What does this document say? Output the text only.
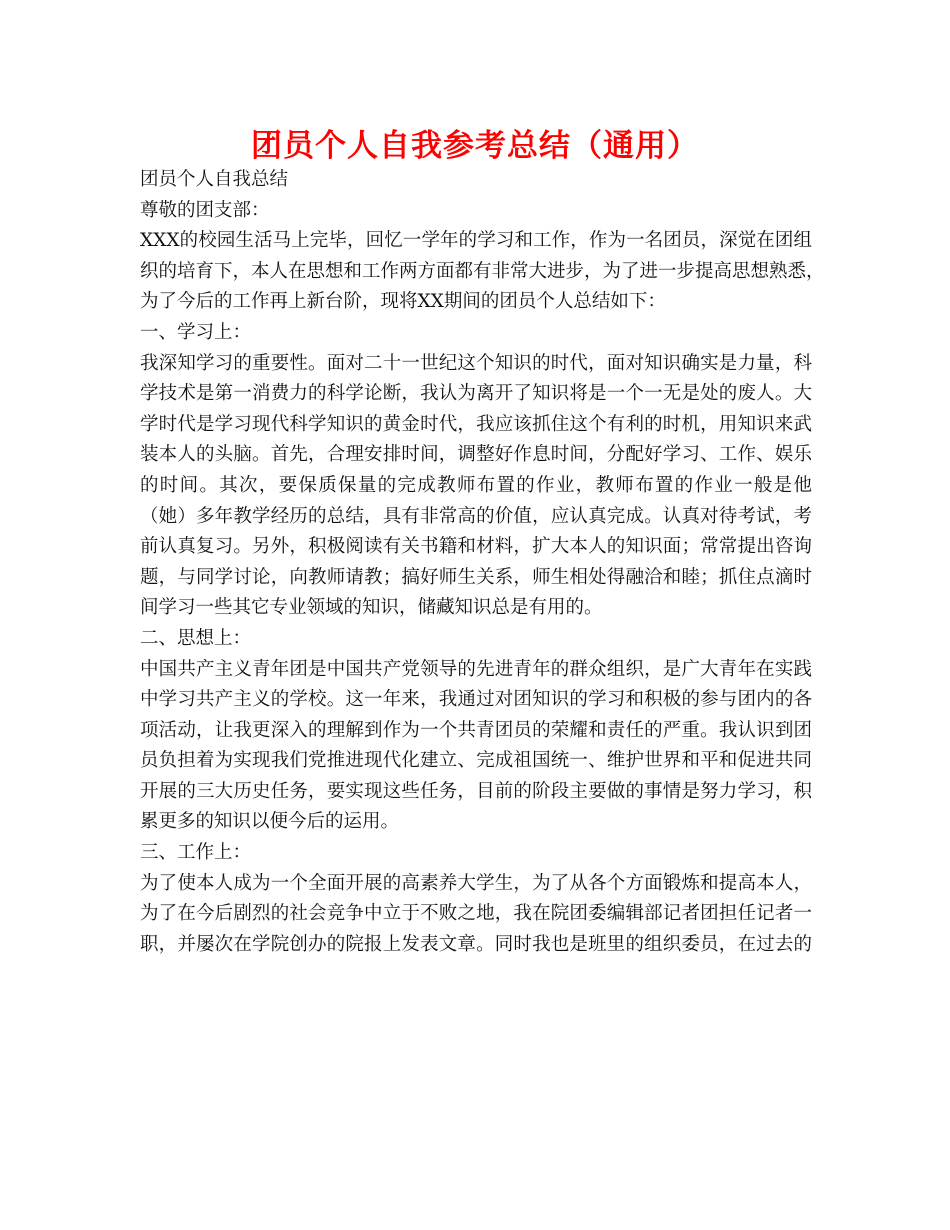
团员个人自我参考总结（通用）

团员个人自我总结

尊敬的团支部：

XXX的校园生活马上完毕，回忆一学年的学习和工作，作为一名团员，深觉在团组

织的培育下，本人在思想和工作两方面都有非常大进步，为了进一步提高思想熟悉，

为了今后的工作再上新台阶，现将XX期间的团员个人总结如下：

一、学习上：

我深知学习的重要性。面对二十一世纪这个知识的时代，面对知识确实是力量，科

学技术是第一消费力的科学论断，我认为离开了知识将是一个一无是处的废人。大

学时代是学习现代科学知识的黄金时代，我应该抓住这个有利的时机，用知识来武

装本人的头脑。首先，合理安排时间，调整好作息时间，分配好学习、工作、娱乐

的时间。其次，要保质保量的完成教师布置的作业，教师布置的作业一般是他

（她）多年教学经历的总结，具有非常高的价值，应认真完成。认真对待考试，考

前认真复习。另外，积极阅读有关书籍和材料，扩大本人的知识面；常常提出咨询

题，与同学讨论，向教师请教；搞好师生关系，师生相处得融洽和睦；抓住点滴时

间学习一些其它专业领域的知识，储藏知识总是有用的。

二、思想上：

中国共产主义青年团是中国共产党领导的先进青年的群众组织，是广大青年在实践

中学习共产主义的学校。这一年来，我通过对团知识的学习和积极的参与团内的各

项活动，让我更深入的理解到作为一个共青团员的荣耀和责任的严重。我认识到团

员负担着为实现我们党推进现代化建立、完成祖国统一、维护世界和平和促进共同

开展的三大历史任务，要实现这些任务，目前的阶段主要做的事情是努力学习，积

累更多的知识以便今后的运用。

三、工作上：

为了使本人成为一个全面开展的高素养大学生，为了从各个方面锻炼和提高本人，

为了在今后剧烈的社会竞争中立于不败之地，我在院团委编辑部记者团担任记者一

职，并屡次在学院创办的院报上发表文章。同时我也是班里的组织委员，在过去的
